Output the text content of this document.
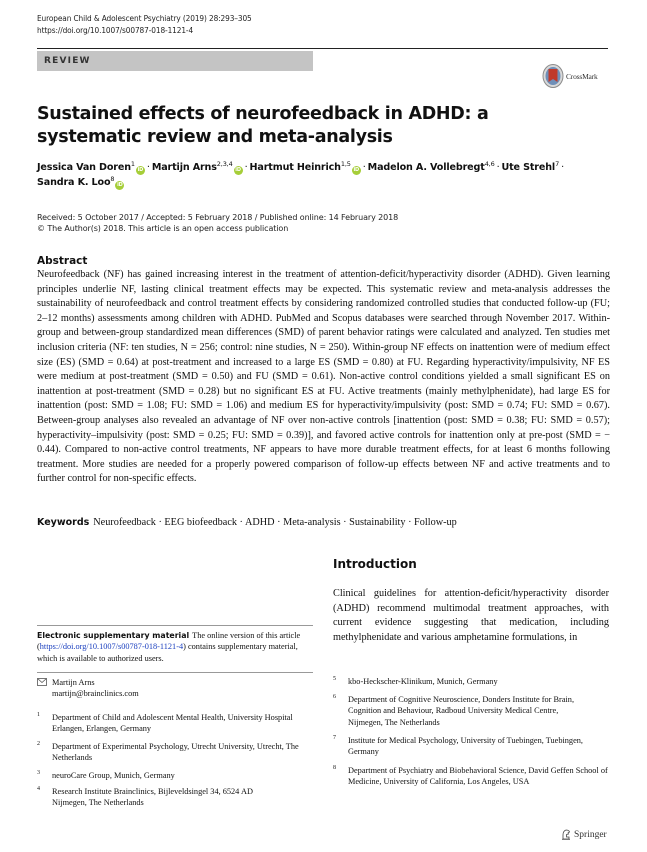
European Child & Adolescent Psychiatry (2019) 28:293–305
https://doi.org/10.1007/s00787-018-1121-4
REVIEW
CrossMark
Sustained effects of neurofeedback in ADHD: a systematic review and meta-analysis
Jessica Van Doren$^1$iD · Martijn Arns$^{2,3,4}$iD · Hartmut Heinrich$^{1,5}$iD · Madelon A. Vollebregt$^{4,6}$ · Ute Strehl$^7$ ·
Sandra K. Loo$^8$iD
Received: 5 October 2017 / Accepted: 5 February 2018 / Published online: 14 February 2018
© The Author(s) 2018. This article is an open access publication
Abstract
Neurofeedback (NF) has gained increasing interest in the treatment of attention-deficit/hyperactivity disorder (ADHD). Given learning principles underlie NF, lasting clinical treatment effects may be expected. This systematic review and meta-analysis addresses the sustainability of neurofeedback and control treatment effects by considering randomized controlled studies that conducted follow-up (FU; 2–12 months) assessments among children with ADHD. PubMed and Scopus databases were searched through November 2017. Within-group and between-group standardized mean differences (SMD) of parent behavior ratings were calculated and analyzed. Ten studies met inclusion criteria (NF: ten studies, N = 256; control: nine studies, N = 250). Within-group NF effects on inattention were of medium effect size (ES) (SMD = 0.64) at post-treatment and increased to a large ES (SMD = 0.80) at FU. Regarding hyperactivity/impulsivity, NF ES were medium at post-treatment (SMD = 0.50) and FU (SMD = 0.61). Non-active control conditions yielded a small significant ES on inattention at post-treatment (SMD = 0.28) but no significant ES at FU. Active treatments (mainly methylphenidate), had large ES for inattention (post: SMD = 1.08; FU: SMD = 1.06) and medium ES for hyperactivity/impulsivity (post: SMD = 0.74; FU: SMD = 0.67). Between-group analyses also revealed an advantage of NF over non-active controls [inattention (post: SMD = 0.38; FU: SMD = 0.57); hyperactivity–impulsivity (post: SMD = 0.25; FU: SMD = 0.39)], and favored active controls for inattention only at pre-post (SMD = − 0.44). Compared to non-active control treatments, NF appears to have more durable treatment effects, for at least 6 months following treatment. More studies are needed for a properly powered comparison of follow-up effects between NF and active treatments and to further control for non-specific effects.
Keywords Neurofeedback · EEG biofeedback · ADHD · Meta-analysis · Sustainability · Follow-up
Introduction
Clinical guidelines for attention-deficit/hyperactivity disorder (ADHD) recommend multimodal treatment approaches, with current evidence suggesting that medication, including methylphenidate and various amphetamine formulations, in
Electronic supplementary material The online version of this article (https://doi.org/10.1007/s00787-018-1121-4) contains supplementary material, which is available to authorized users.
Martijn Arns
martijn@brainclinics.com
1 Department of Child and Adolescent Mental Health, University Hospital Erlangen, Erlangen, Germany
2 Department of Experimental Psychology, Utrecht University, Utrecht, The Netherlands
3 neuroCare Group, Munich, Germany
4 Research Institute Brainclinics, Bijleveldsingel 34, 6524 AD Nijmegen, The Netherlands
5 kbo-Heckscher-Klinikum, Munich, Germany
6 Department of Cognitive Neuroscience, Donders Institute for Brain, Cognition and Behaviour, Radboud University Medical Centre, Nijmegen, The Netherlands
7 Institute for Medical Psychology, University of Tuebingen, Tuebingen, Germany
8 Department of Psychiatry and Biobehavioral Science, David Geffen School of Medicine, University of California, Los Angeles, USA
Springer
